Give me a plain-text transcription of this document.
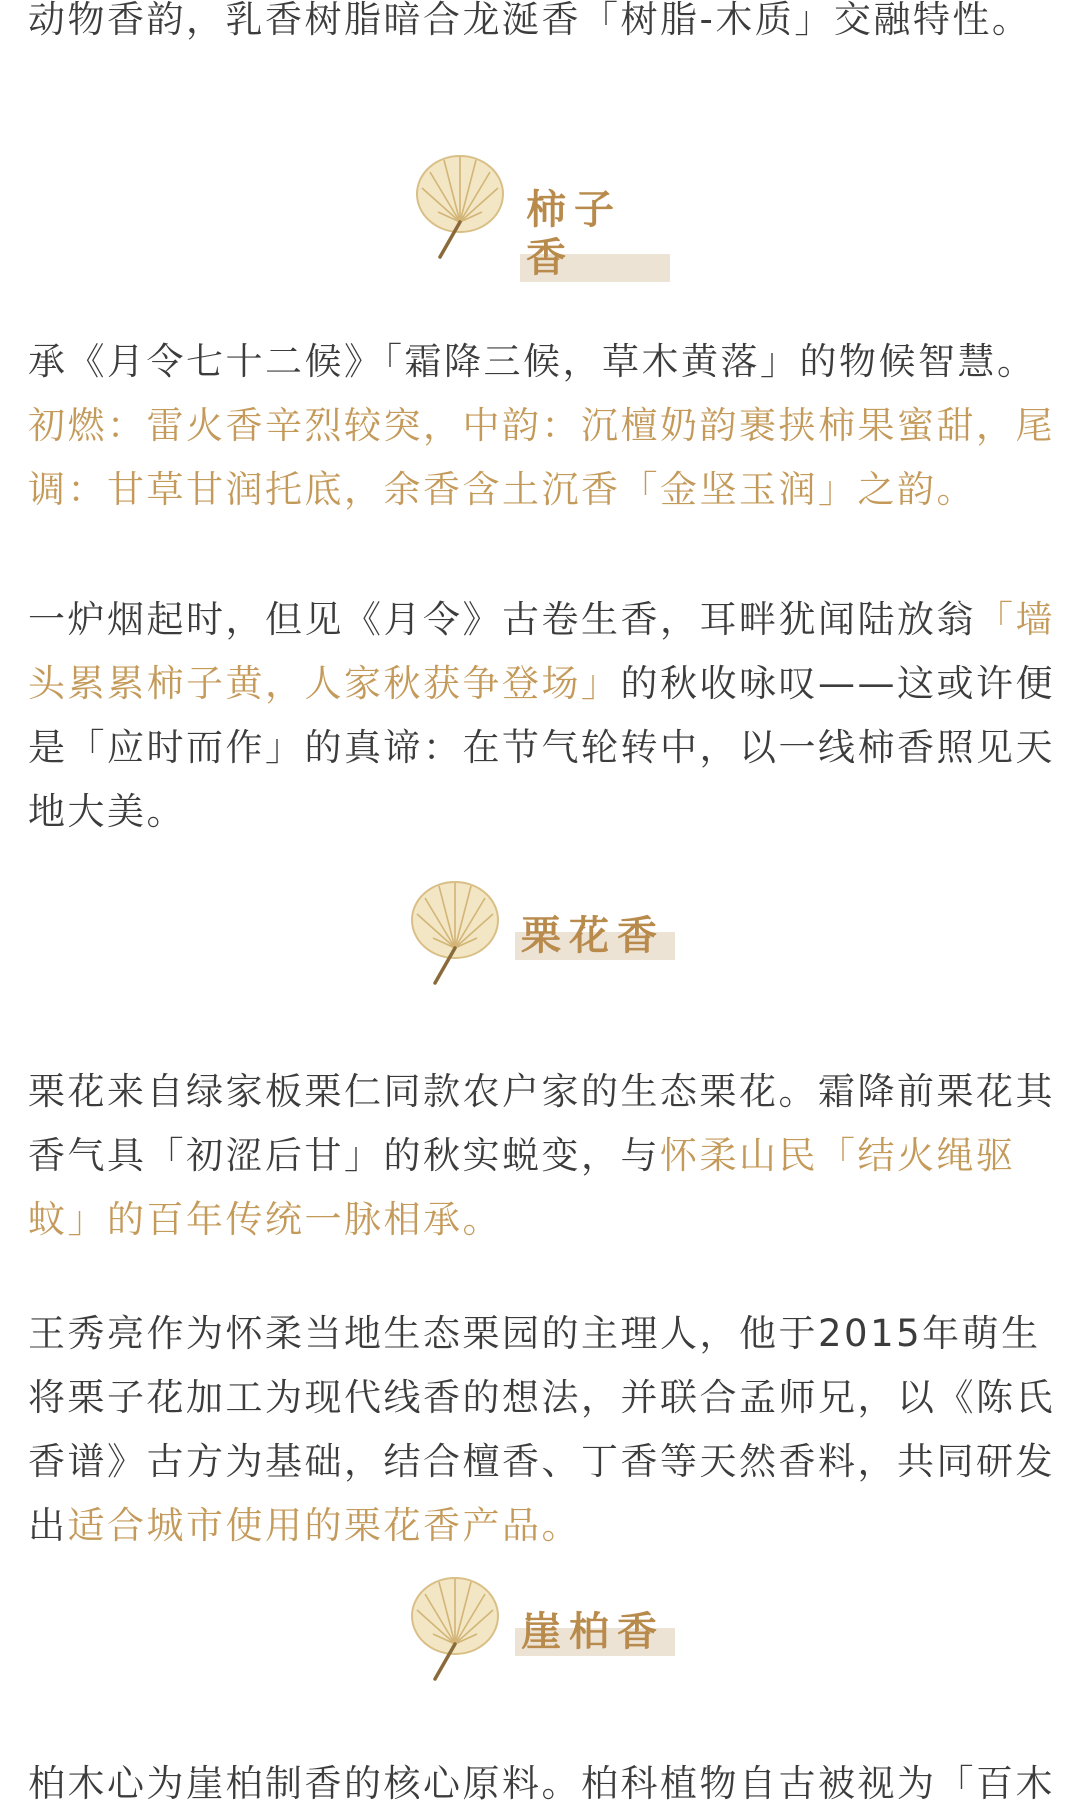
动物香韵，乳香树脂暗合龙涎香「树脂-木质」交融特性。

柿子香

承《月令七十二候》「霜降三候，草木黄落」的物候智慧。
初燃：雷火香辛烈较突，中韵：沉檀奶韵裹挟柿果蜜甜，尾调：甘草甘润托底，余香含土沉香「金坚玉润」之韵。

一炉烟起时，但见《月令》古卷生香，耳畔犹闻陆放翁「墙头累累柿子黄，人家秋获争登场」的秋收咏叹——这或许便是「应时而作」的真谛：在节气轮转中，以一线柿香照见天地大美。

栗花香

栗花来自绿家板栗仁同款农户家的生态栗花。霜降前栗花其香气具「初涩后甘」的秋实蜕变，与怀柔山民「结火绳驱蚊」的百年传统一脉相承。

王秀亮作为怀柔当地生态栗园的主理人，他于2015年萌生将栗子花加工为现代线香的想法，并联合孟师兄，以《陈氏香谱》古方为基础，结合檀香、丁香等天然香料，共同研发出适合城市使用的栗花香产品。

崖柏香

柏木心为崖柏制香的核心原料。柏科植物自古被视为「百木
